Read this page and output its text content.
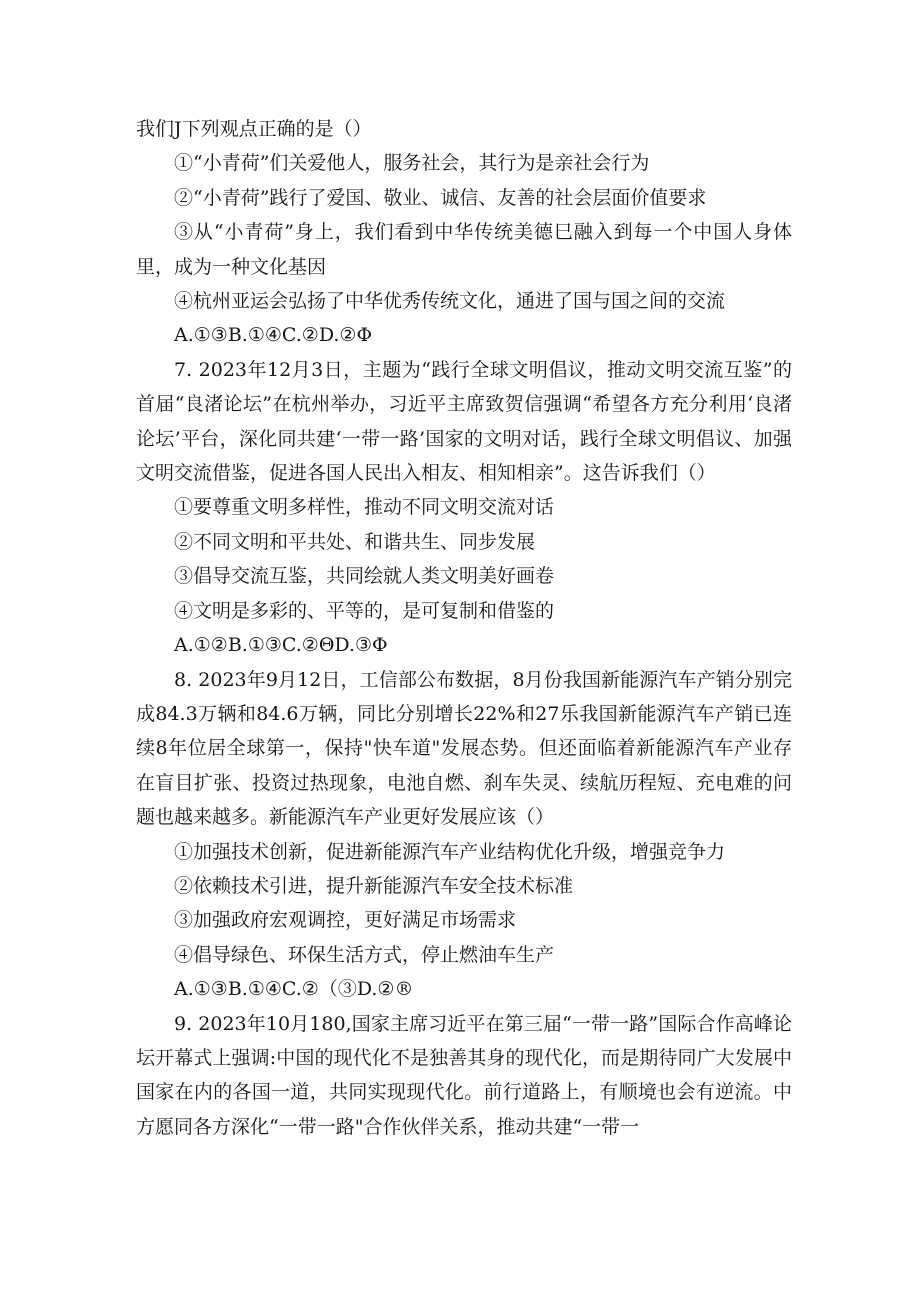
我们J下列观点正确的是（）

①“小青荷”们关爱他人，服务社会，其行为是亲社会行为

②“小青荷”践行了爱国、敬业、诚信、友善的社会层面价值要求

③从“小青荷”身上，我们看到中华传统美德巳融入到每一个中国人身体里，成为一种文化基因

④杭州亚运会弘扬了中华优秀传统文化，通进了国与国之间的交流

A.①③B.①④C.②D.②Φ

7. 2023年12月3日，主题为“践行全球文明倡议，推动文明交流互鉴”的首届“良渚论坛”在杭州举办，习近平主席致贺信强调“希望各方充分利用‘良渚论坛’平台，深化同共建‘一带一路’国家的文明对话，践行全球文明倡议、加强文明交流借鉴，促进各国人民出入相友、相知相亲”。这告诉我们（）

①要尊重文明多样性，推动不同文明交流对话

②不同文明和平共处、和谐共生、同步发展

③倡导交流互鉴，共同绘就人类文明美好画卷

④文明是多彩的、平等的，是可复制和借鉴的

A.①②B.①③C.②ΘD.③Φ

8. 2023年9月12日，工信部公布数据，8月份我国新能源汽车产销分别完成84.3万辆和84.6万辆，同比分别增长22%和27乐我国新能源汽车产销已连续8年位居全球第一，保持"快车道"发展态势。但还面临着新能源汽车产业存在盲目扩张、投资过热现象，电池自燃、刹车失灵、续航历程短、充电难的问题也越来越多。新能源汽车产业更好发展应该（）

①加强技术创新，促进新能源汽车产业结构优化升级，增强竞争力

②依赖技术引进，提升新能源汽车安全技术标准

③加强政府宏观调控，更好满足市场需求

④倡导绿色、环保生活方式，停止燃油车生产

A.①③B.①④C.②（③D.②®

9. 2023年10月180,国家主席习近平在第三届“一带一路”国际合作高峰论坛开幕式上强调:中国的现代化不是独善其身的现代化，而是期待同广大发展中国家在内的各国一道，共同实现现代化。前行道路上，有顺境也会有逆流。中方愿同各方深化“一带一路"合作伙伴关系，推动共建“一带一
